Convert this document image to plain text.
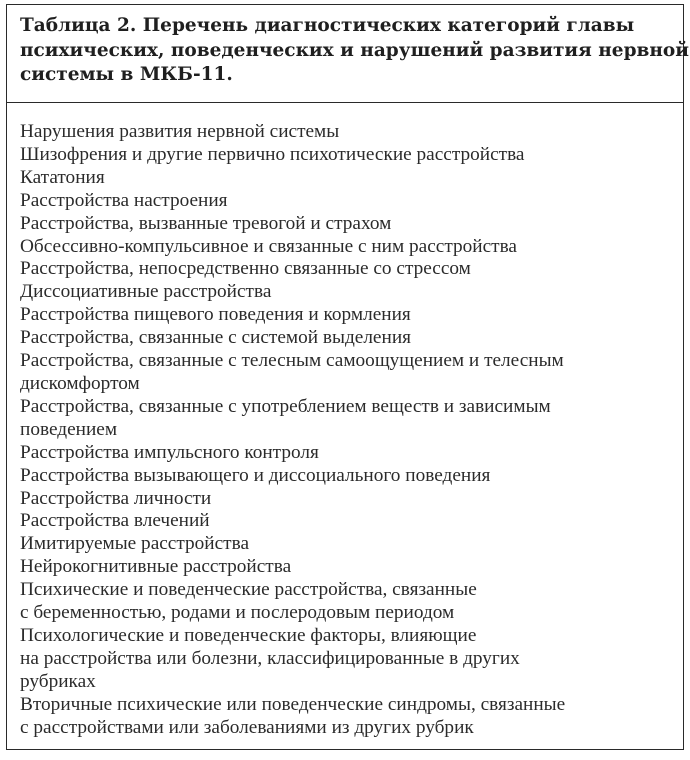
Таблица 2. Перечень диагностических категорий главы
психических, поведенческих и нарушений развития нервной
системы в МКБ-11.
Нарушения развития нервной системы
Шизофрения и другие первично психотические расстройства
Кататония
Расстройства настроения
Расстройства, вызванные тревогой и страхом
Обсессивно-компульсивное и связанные с ним расстройства
Расстройства, непосредственно связанные со стрессом
Диссоциативные расстройства
Расстройства пищевого поведения и кормления
Расстройства, связанные с системой выделения
Расстройства, связанные с телесным самоощущением и телесным
дискомфортом
Расстройства, связанные с употреблением веществ и зависимым
поведением
Расстройства импульсного контроля
Расстройства вызывающего и диссоциального поведения
Расстройства личности
Расстройства влечений
Имитируемые расстройства
Нейрокогнитивные расстройства
Психические и поведенческие расстройства, связанные
с беременностью, родами и послеродовым периодом
Психологические и поведенческие факторы, влияющие
на расстройства или болезни, классифицированные в других
рубриках
Вторичные психические или поведенческие синдромы, связанные
с расстройствами или заболеваниями из других рубрик
